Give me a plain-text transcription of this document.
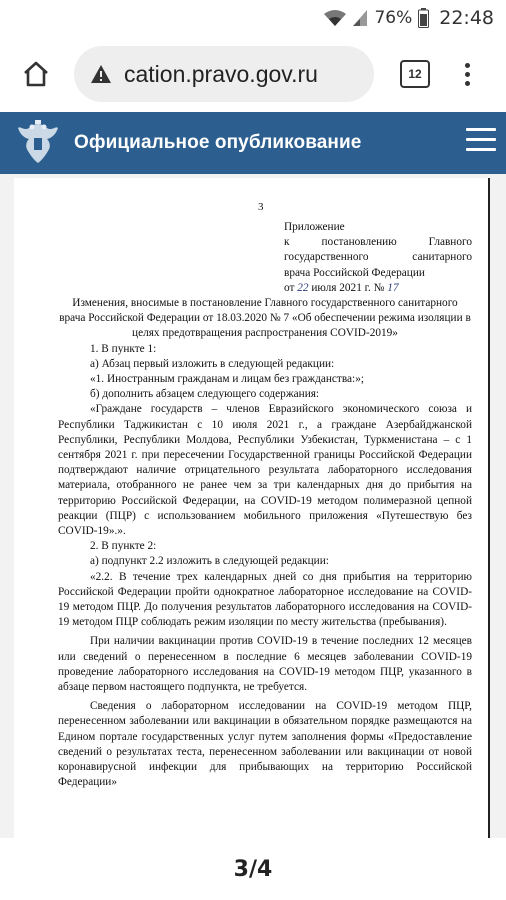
76% 22:48
cation.pravo.gov.ru	12
Официальное опубликование
3
Приложение
к постановлению Главного
государственного санитарного
врача Российской Федерации
от 22 июля 2021 г. № 17

Изменения, вносимые в постановление Главного государственного санитарного врача Российской Федерации от 18.03.2020 № 7 «Об обеспечении режима изоляции в целях предотвращения распространения COVID-2019»

1. В пункте 1:

а) Абзац первый изложить в следующей редакции:

«1. Иностранным гражданам и лицам без гражданства:»;

б) дополнить абзацем следующего содержания:

«Граждане государств – членов Евразийского экономического союза и Республики Таджикистан с 10 июля 2021 г., а граждане Азербайджанской Республики, Республики Молдова, Республики Узбекистан, Туркменистана – с 1 сентября 2021 г. при пересечении Государственной границы Российской Федерации подтверждают наличие отрицательного результата лабораторного исследования материала, отобранного не ранее чем за три календарных дня до прибытия на территорию Российской Федерации, на COVID-19 методом полимеразной цепной реакции (ПЦР) с использованием мобильного приложения «Путешествую без COVID-19».».

2. В пункте 2:

а) подпункт 2.2 изложить в следующей редакции:

«2.2. В течение трех календарных дней со дня прибытия на территорию Российской Федерации пройти однократное лабораторное исследование на COVID-19 методом ПЦР. До получения результатов лабораторного исследования на COVID-19 методом ПЦР соблюдать режим изоляции по месту жительства (пребывания).

При наличии вакцинации против COVID-19 в течение последних 12 месяцев или сведений о перенесенном в последние 6 месяцев заболевании COVID-19 проведение лабораторного исследования на COVID-19 методом ПЦР, указанного в абзаце первом настоящего подпункта, не требуется.

Сведения о лабораторном исследовании на COVID-19 методом ПЦР, перенесенном заболевании или вакцинации в обязательном порядке размещаются на Едином портале государственных услуг путем заполнения формы «Предоставление сведений о результатах теста, перенесенном заболевании или вакцинации от новой коронавирусной инфекции для прибывающих на территорию Российской Федерации»

3/4
